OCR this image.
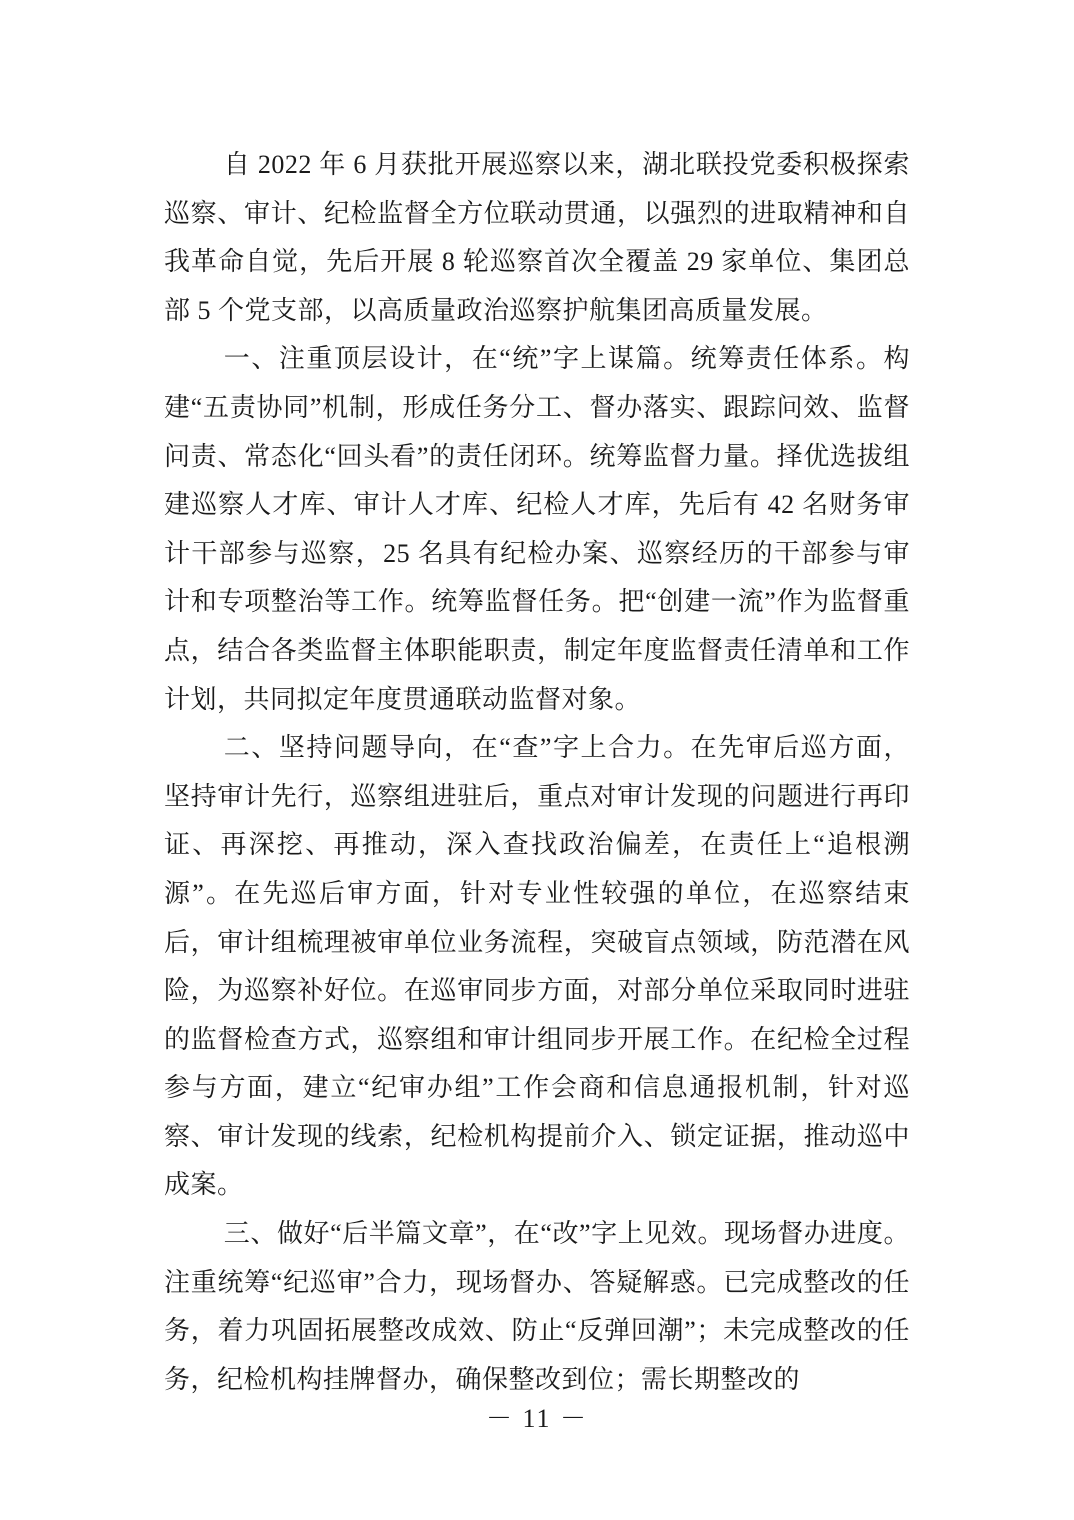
自 2022 年 6 月获批开展巡察以来，湖北联投党委积极探索巡察、审计、纪检监督全方位联动贯通，以强烈的进取精神和自我革命自觉，先后开展 8 轮巡察首次全覆盖 29 家单位、集团总部 5 个党支部，以高质量政治巡察护航集团高质量发展。

一、注重顶层设计，在“统”字上谋篇。统筹责任体系。构建“五责协同”机制，形成任务分工、督办落实、跟踪问效、监督问责、常态化“回头看”的责任闭环。统筹监督力量。择优选拔组建巡察人才库、审计人才库、纪检人才库，先后有 42 名财务审计干部参与巡察，25 名具有纪检办案、巡察经历的干部参与审计和专项整治等工作。统筹监督任务。把“创建一流”作为监督重点，结合各类监督主体职能职责，制定年度监督责任清单和工作计划，共同拟定年度贯通联动监督对象。

二、坚持问题导向，在“查”字上合力。在先审后巡方面，坚持审计先行，巡察组进驻后，重点对审计发现的问题进行再印证、再深挖、再推动，深入查找政治偏差，在责任上“追根溯源”。在先巡后审方面，针对专业性较强的单位，在巡察结束后，审计组梳理被审单位业务流程，突破盲点领域，防范潜在风险，为巡察补好位。在巡审同步方面，对部分单位采取同时进驻的监督检查方式，巡察组和审计组同步开展工作。在纪检全过程参与方面，建立“纪审办组”工作会商和信息通报机制，针对巡察、审计发现的线索，纪检机构提前介入、锁定证据，推动巡中成案。

三、做好“后半篇文章”，在“改”字上见效。现场督办进度。注重统筹“纪巡审”合力，现场督办、答疑解惑。已完成整改的任务，着力巩固拓展整改成效、防止“反弹回潮”；未完成整改的任务，纪检机构挂牌督办，确保整改到位；需长期整改的

－ 11 －
